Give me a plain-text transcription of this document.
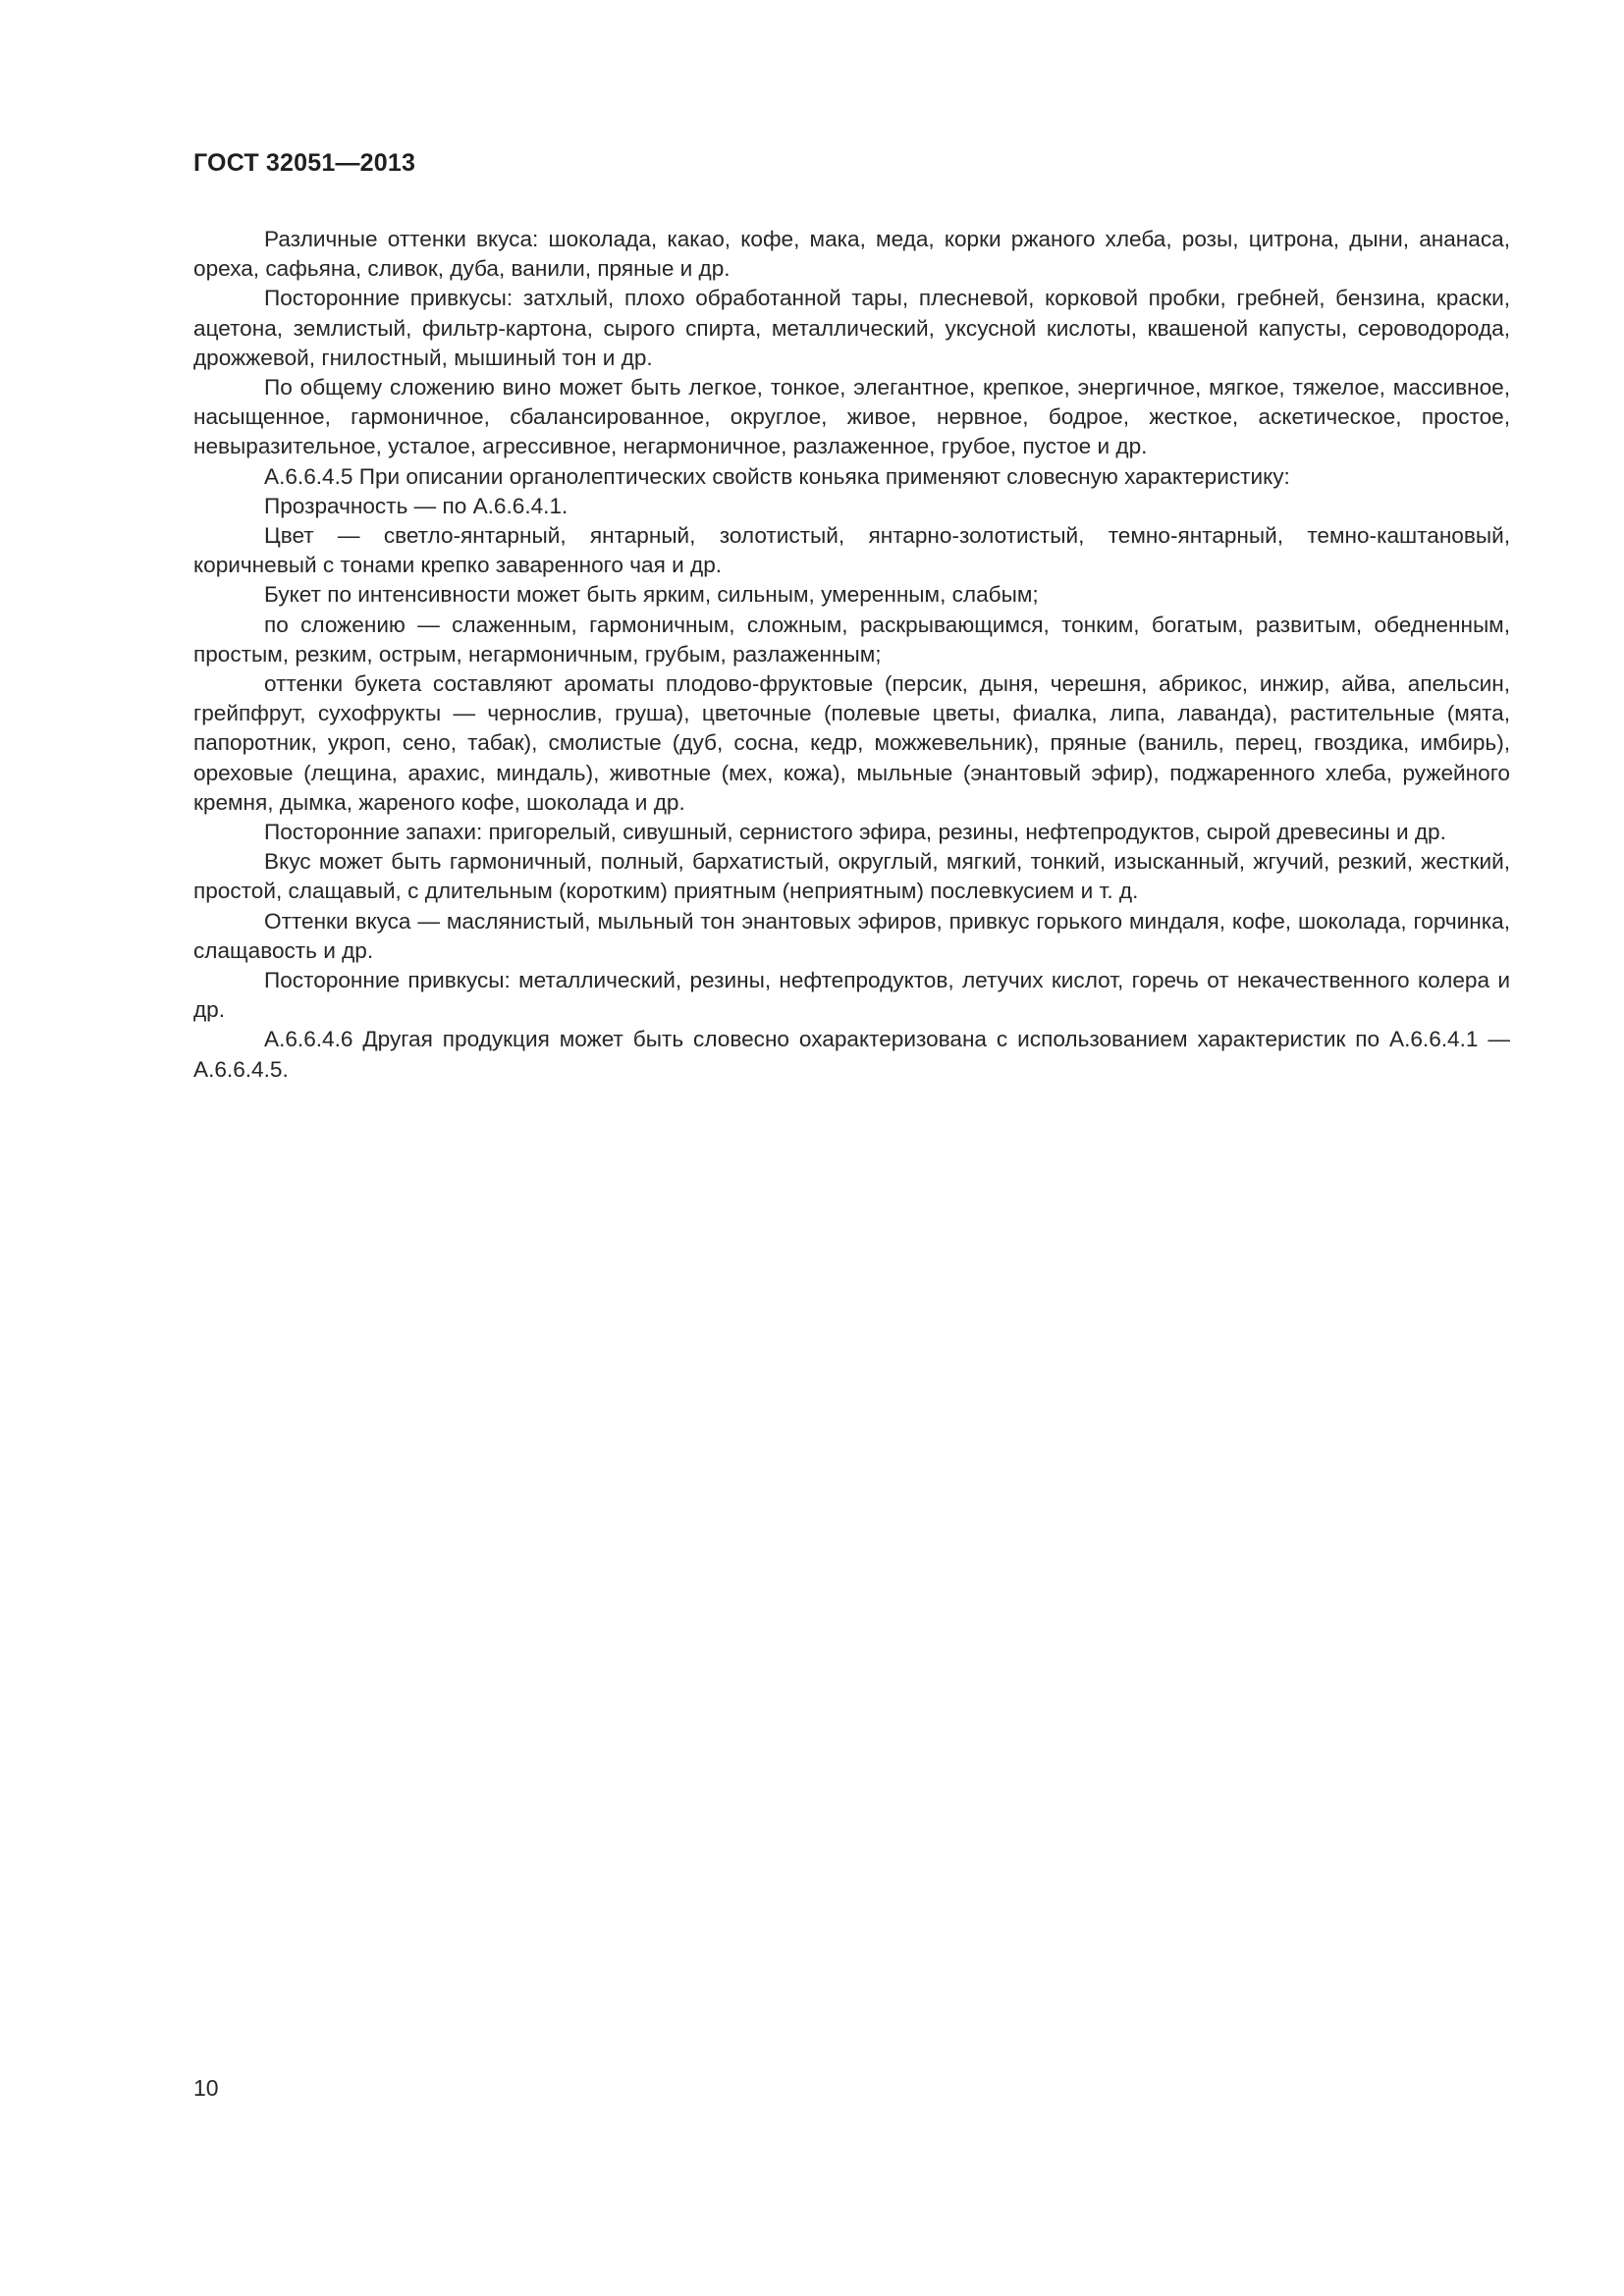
ГОСТ 32051—2013

Различные оттенки вкуса: шоколада, какао, кофе, мака, меда, корки ржаного хлеба, розы, цитрона, дыни, ананаса, ореха, сафьяна, сливок, дуба, ванили, пряные и др.

Посторонние привкусы: затхлый, плохо обработанной тары, плесневой, корковой пробки, гребней, бензина, краски, ацетона, землистый, фильтр-картона, сырого спирта, металлический, уксусной кислоты, квашеной капусты, сероводорода, дрожжевой, гнилостный, мышиный тон и др.

По общему сложению вино может быть легкое, тонкое, элегантное, крепкое, энергичное, мягкое, тяжелое, массивное, насыщенное, гармоничное, сбалансированное, округлое, живое, нервное, бодрое, жесткое, аскетическое, простое, невыразительное, усталое, агрессивное, негармоничное, разлаженное, грубое, пустое и др.

А.6.6.4.5 При описании органолептических свойств коньяка применяют словесную характеристику:

Прозрачность — по А.6.6.4.1.

Цвет — светло-янтарный, янтарный, золотистый, янтарно-золотистый, темно-янтарный, темно-каштановый, коричневый с тонами крепко заваренного чая и др.

Букет по интенсивности может быть ярким, сильным, умеренным, слабым;

по сложению — слаженным, гармоничным, сложным, раскрывающимся, тонким, богатым, развитым, обедненным, простым, резким, острым, негармоничным, грубым, разлаженным;

оттенки букета составляют ароматы плодово-фруктовые (персик, дыня, черешня, абрикос, инжир, айва, апельсин, грейпфрут, сухофрукты — чернослив, груша), цветочные (полевые цветы, фиалка, липа, лаванда), растительные (мята, папоротник, укроп, сено, табак), смолистые (дуб, сосна, кедр, можжевельник), пряные (ваниль, перец, гвоздика, имбирь), ореховые (лещина, арахис, миндаль), животные (мех, кожа), мыльные (энантовый эфир), поджаренного хлеба, ружейного кремня, дымка, жареного кофе, шоколада и др.

Посторонние запахи: пригорелый, сивушный, сернистого эфира, резины, нефтепродуктов, сырой древесины и др.

Вкус может быть гармоничный, полный, бархатистый, округлый, мягкий, тонкий, изысканный, жгучий, резкий, жесткий, простой, слащавый, с длительным (коротким) приятным (неприятным) послевкусием и т. д.

Оттенки вкуса — маслянистый, мыльный тон энантовых эфиров, привкус горького миндаля, кофе, шоколада, горчинка, слащавость и др.

Посторонние привкусы: металлический, резины, нефтепродуктов, летучих кислот, горечь от некачественного колера и др.

А.6.6.4.6 Другая продукция может быть словесно охарактеризована с использованием характеристик по А.6.6.4.1 — А.6.6.4.5.

10
